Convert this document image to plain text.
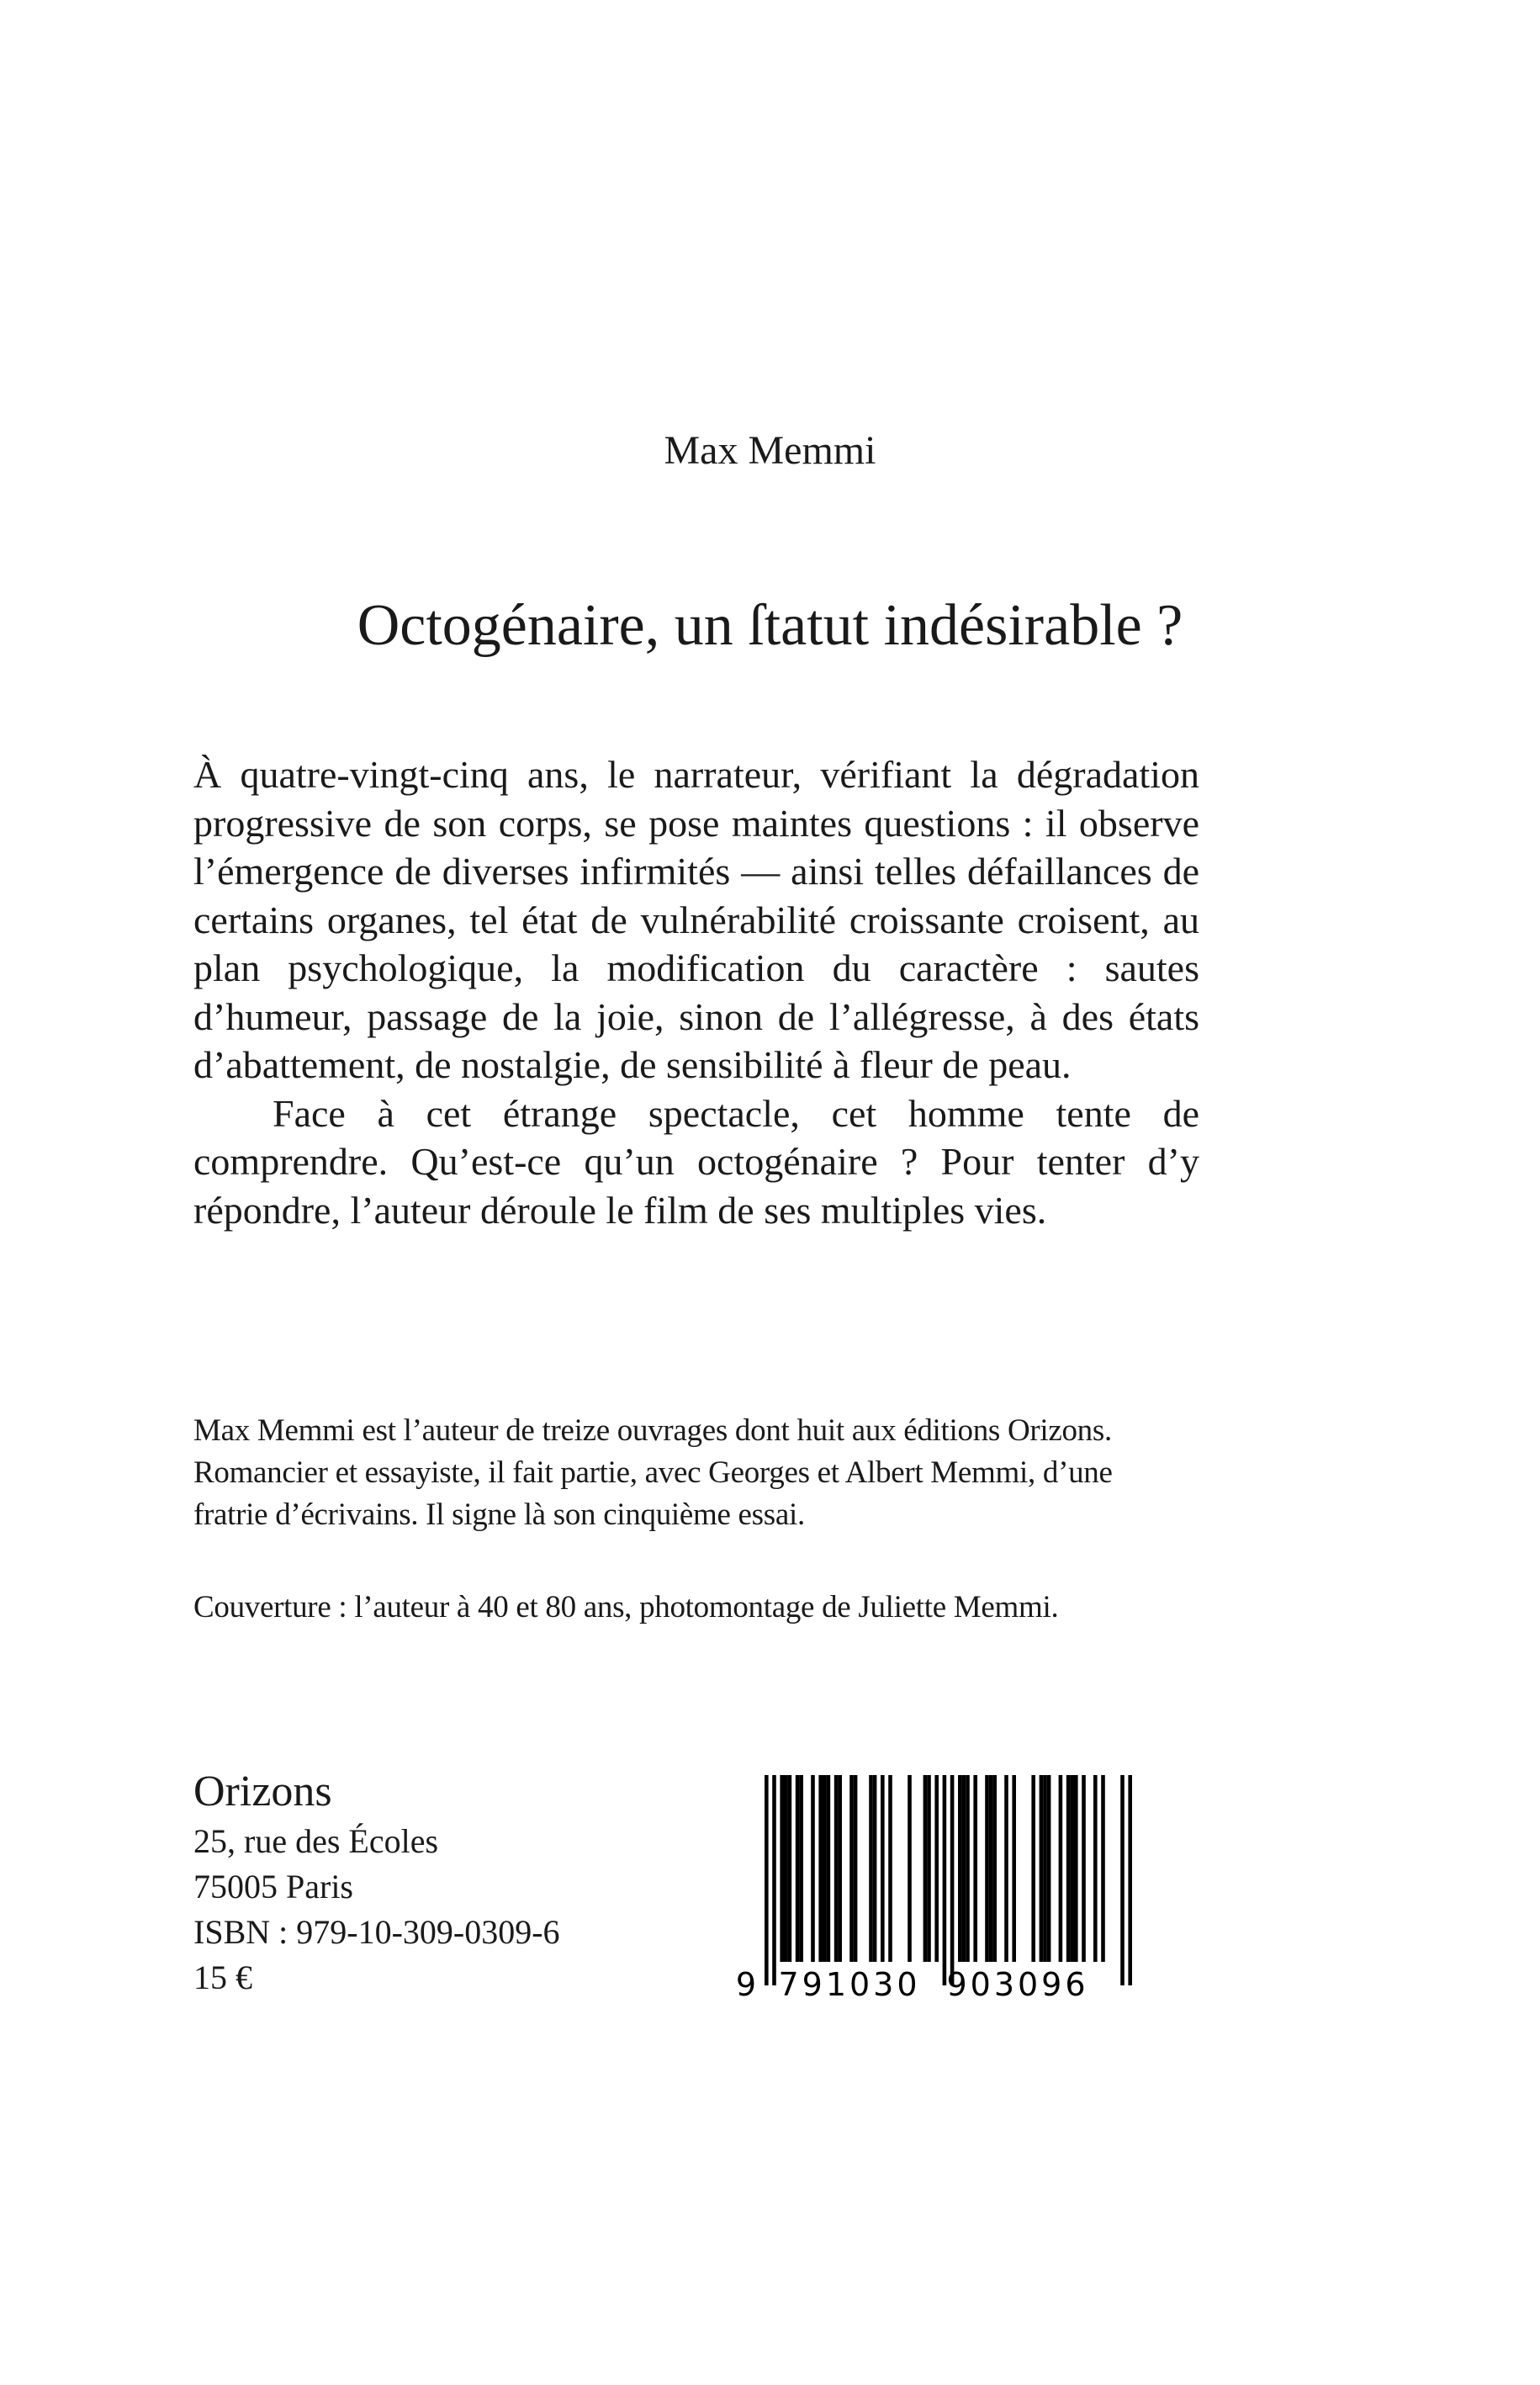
Max Memmi
Octogénaire, un ſtatut indésirable ?

À quatre-vingt-cinq ans, le narrateur, vérifiant la dégradation progressive de son corps, se pose maintes questions : il observe l’émergence de diverses infirmités — ainsi telles défaillances de certains organes, tel état de vulnérabilité croissante croisent, au plan psychologique, la modification du caractère : sautes d’humeur, passage de la joie, sinon de l’allégresse, à des états d’abattement, de nostalgie, de sensibilité à fleur de peau.

Face à cet étrange spectacle, cet homme tente de comprendre. Qu’est-ce qu’un octogénaire ? Pour tenter d’y répondre, l’auteur déroule le film de ses multiples vies.

Max Memmi est l’auteur de treize ouvrages dont huit aux éditions Orizons.

Romancier et essayiste, il fait partie, avec Georges et Albert Memmi, d’une

fratrie d’écrivains. Il signe là son cinquième essai.

Couverture : l’auteur à 40 et 80 ans, photomontage de Juliette Memmi.
Orizons
25, rue des Écoles
75005 Paris
ISBN : 979-10-309-0309-6
15 €	9 791030 903096
